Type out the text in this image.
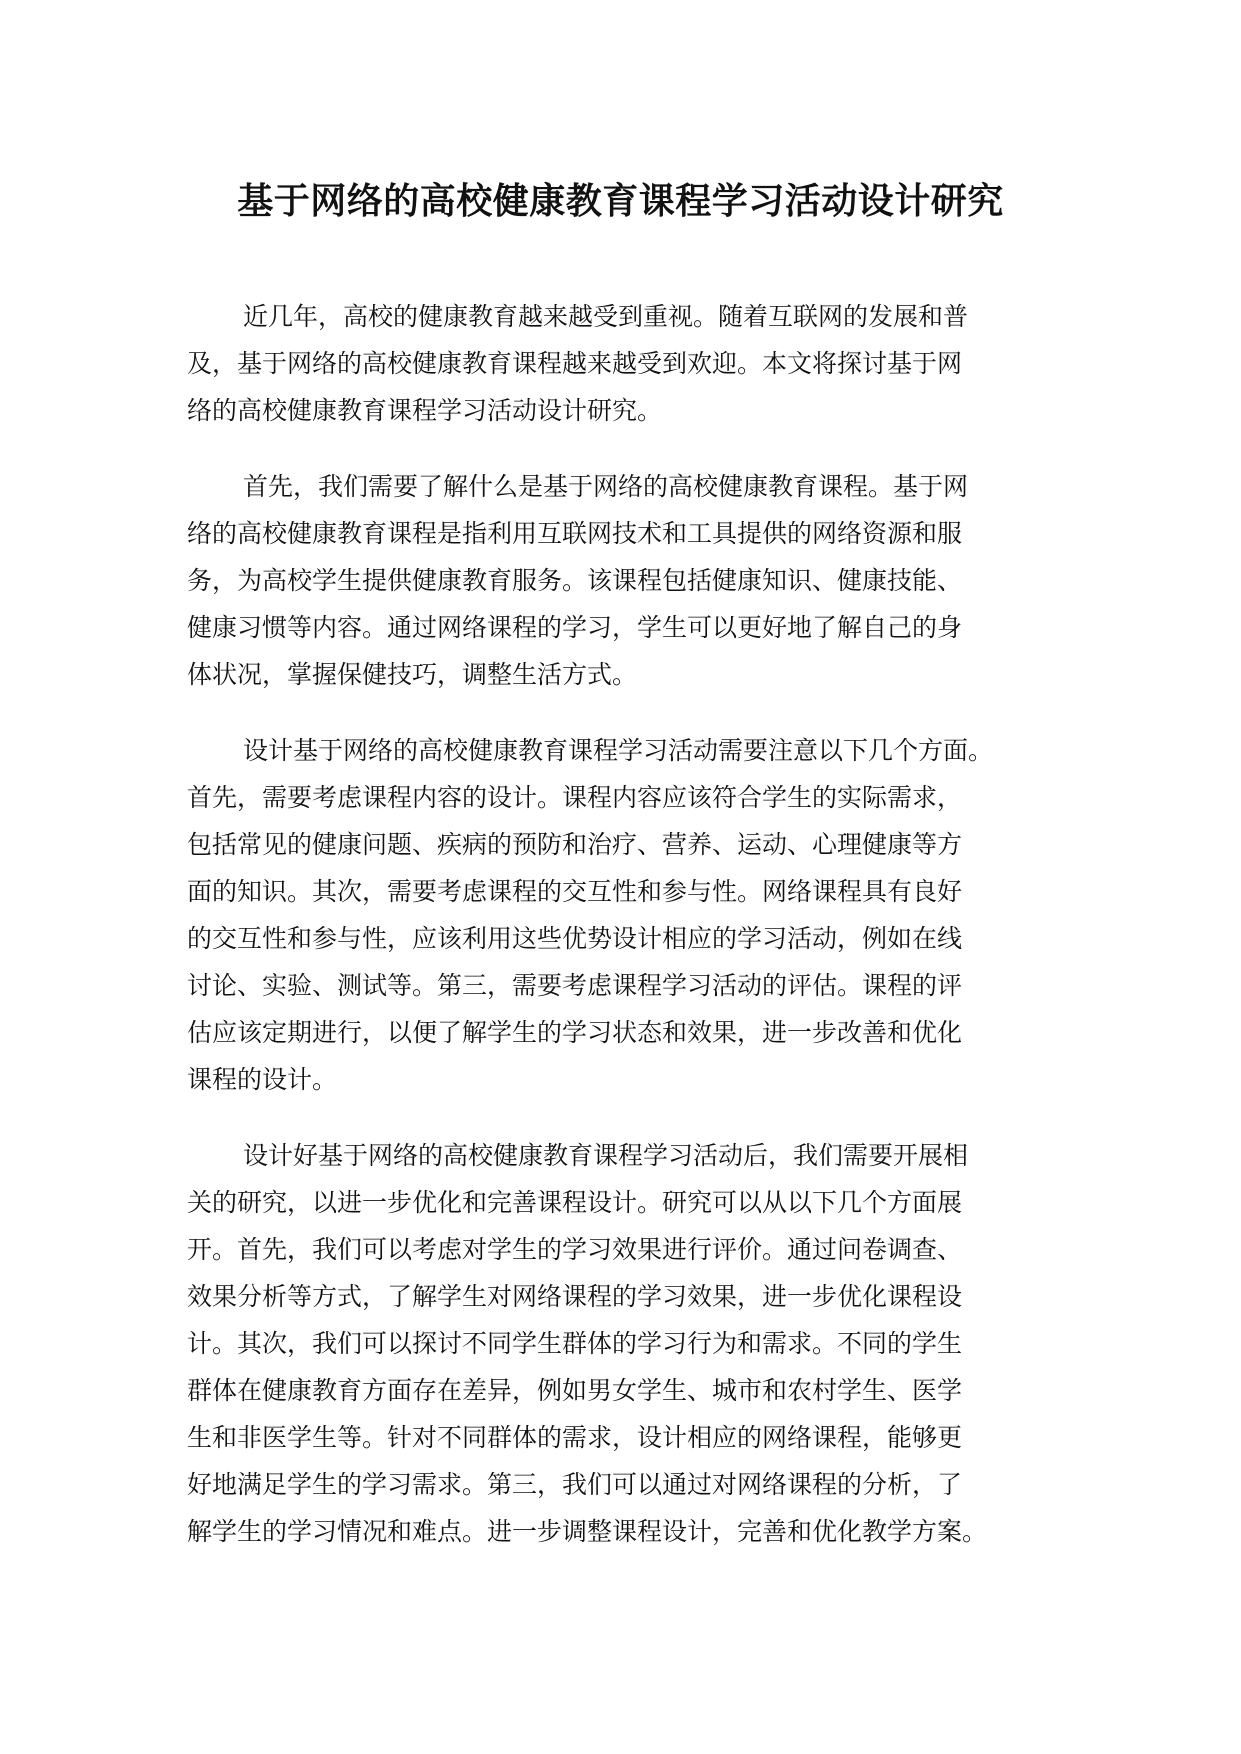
基于网络的高校健康教育课程学习活动设计研究
近几年，高校的健康教育越来越受到重视。随着互联网的发展和普
及，基于网络的高校健康教育课程越来越受到欢迎。本文将探讨基于网
络的高校健康教育课程学习活动设计研究。
首先，我们需要了解什么是基于网络的高校健康教育课程。基于网
络的高校健康教育课程是指利用互联网技术和工具提供的网络资源和服
务，为高校学生提供健康教育服务。该课程包括健康知识、健康技能、
健康习惯等内容。通过网络课程的学习，学生可以更好地了解自己的身
体状况，掌握保健技巧，调整生活方式。
设计基于网络的高校健康教育课程学习活动需要注意以下几个方面。
首先，需要考虑课程内容的设计。课程内容应该符合学生的实际需求，
包括常见的健康问题、疾病的预防和治疗、营养、运动、心理健康等方
面的知识。其次，需要考虑课程的交互性和参与性。网络课程具有良好
的交互性和参与性，应该利用这些优势设计相应的学习活动，例如在线
讨论、实验、测试等。第三，需要考虑课程学习活动的评估。课程的评
估应该定期进行，以便了解学生的学习状态和效果，进一步改善和优化
课程的设计。
设计好基于网络的高校健康教育课程学习活动后，我们需要开展相
关的研究，以进一步优化和完善课程设计。研究可以从以下几个方面展
开。首先，我们可以考虑对学生的学习效果进行评价。通过问卷调查、
效果分析等方式，了解学生对网络课程的学习效果，进一步优化课程设
计。其次，我们可以探讨不同学生群体的学习行为和需求。不同的学生
群体在健康教育方面存在差异，例如男女学生、城市和农村学生、医学
生和非医学生等。针对不同群体的需求，设计相应的网络课程，能够更
好地满足学生的学习需求。第三，我们可以通过对网络课程的分析，了
解学生的学习情况和难点。进一步调整课程设计，完善和优化教学方案。
